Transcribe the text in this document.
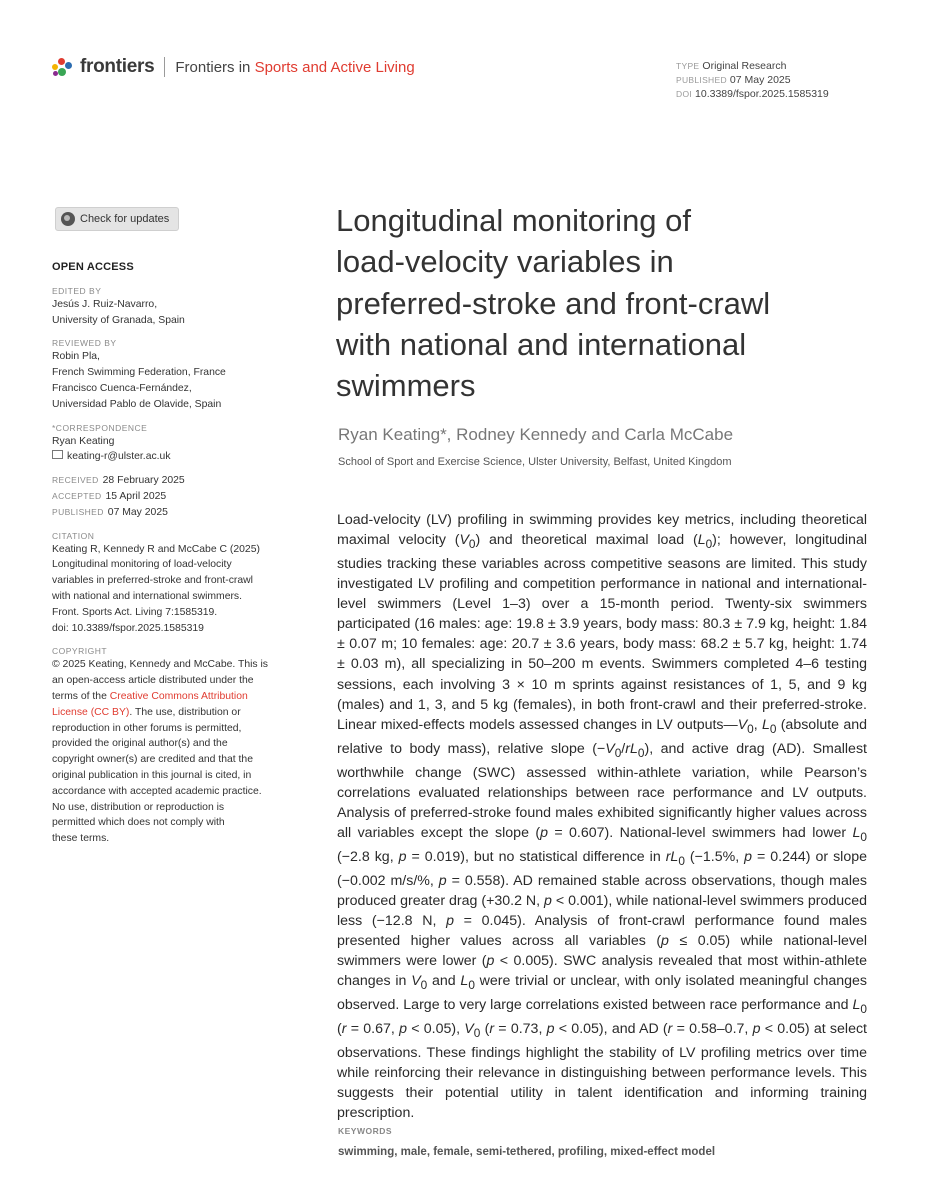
frontiers Frontiers in Sports and Active Living	TYPE Original Research
PUBLISHED 07 May 2025
DOI 10.3389/fspor.2025.1585319
Check for updates
OPEN ACCESS
EDITED BY
Jesús J. Ruiz-Navarro,
University of Granada, Spain
REVIEWED BY
Robin Pla,
French Swimming Federation, France
Francisco Cuenca-Fernández,
Universidad Pablo de Olavide, Spain
*CORRESPONDENCE
Ryan Keating
keating-r@ulster.ac.uk
RECEIVED 28 February 2025
ACCEPTED 15 April 2025
PUBLISHED 07 May 2025
CITATION
Keating R, Kennedy R and McCabe C (2025)
Longitudinal monitoring of load-velocity
variables in preferred-stroke and front-crawl
with national and international swimmers.
Front. Sports Act. Living 7:1585319.
doi: 10.3389/fspor.2025.1585319
COPYRIGHT
© 2025 Keating, Kennedy and McCabe. This is
an open-access article distributed under the
terms of the Creative Commons Attribution
License (CC BY). The use, distribution or
reproduction in other forums is permitted,
provided the original author(s) and the
copyright owner(s) are credited and that the
original publication in this journal is cited, in
accordance with accepted academic practice.
No use, distribution or reproduction is
permitted which does not comply with
these terms.
Longitudinal monitoring of
load-velocity variables in
preferred-stroke and front-crawl
with national and international
swimmers
Ryan Keating*, Rodney Kennedy and Carla McCabe
School of Sport and Exercise Science, Ulster University, Belfast, United Kingdom

Load-velocity (LV) profiling in swimming provides key metrics, including theoretical maximal velocity $(V_0)$ and theoretical maximal load $(L_0)$; however, longitudinal studies tracking these variables across competitive seasons are limited. This study investigated LV profiling and competition performance in national and international-level swimmers (Level 1–3) over a 15-month period. Twenty-six swimmers participated (16 males: age: 19.8 ± 3.9 years, body mass: 80.3 ± 7.9 kg, height: 1.84 ± 0.07 m; 10 females: age: 20.7 ± 3.6 years, body mass: 68.2 ± 5.7 kg, height: 1.74 ± 0.03 m), all specializing in 50–200 m events. Swimmers completed 4–6 testing sessions, each involving 3 × 10 m sprints against resistances of 1, 5, and 9 kg (males) and 1, 3, and 5 kg (females), in both front-crawl and their preferred-stroke. Linear mixed-effects models assessed changes in LV $outputs—V_0$, $L_0$ (absolute and relative to body mass), relative slope $(-V_0/rL_0)$, and active drag (AD). Smallest worthwhile change (SWC) assessed within-athlete variation, while Pearson’s correlations evaluated relationships between race performance and LV outputs. Analysis of preferred-stroke found males exhibited significantly higher values across all variables except the slope (p = 0.607). National-level swimmers had lower $L_0$ (−2.8 kg, p = 0.019), but no statistical difference in $rL_0$ (−1.5%, p = 0.244) or slope (−0.002 m/s/%, p = 0.558). AD remained stable across observations, though males produced greater drag (+30.2 N, p < 0.001), while national-level swimmers produced less (−12.8 N, p = 0.045). Analysis of front-crawl performance found males presented higher values across all variables (p ≤ 0.05) while national-level swimmers were lower (p < 0.005). SWC analysis revealed that most within-athlete changes in $V_0$ and $L_0$ were trivial or unclear, with only isolated meaningful changes observed. Large to very large correlations existed between race performance and $L_0$ (r = 0.67, p < 0.05), $V_0$ (r = 0.73, p < 0.05), and AD (r = 0.58–0.7, p < 0.05) at select observations. These findings highlight the stability of LV profiling metrics over time while reinforcing their relevance in distinguishing between performance levels. This suggests their potential utility in talent identification and informing training prescription.

KEYWORDS
swimming, male, female, semi-tethered, profiling, mixed-effect model
